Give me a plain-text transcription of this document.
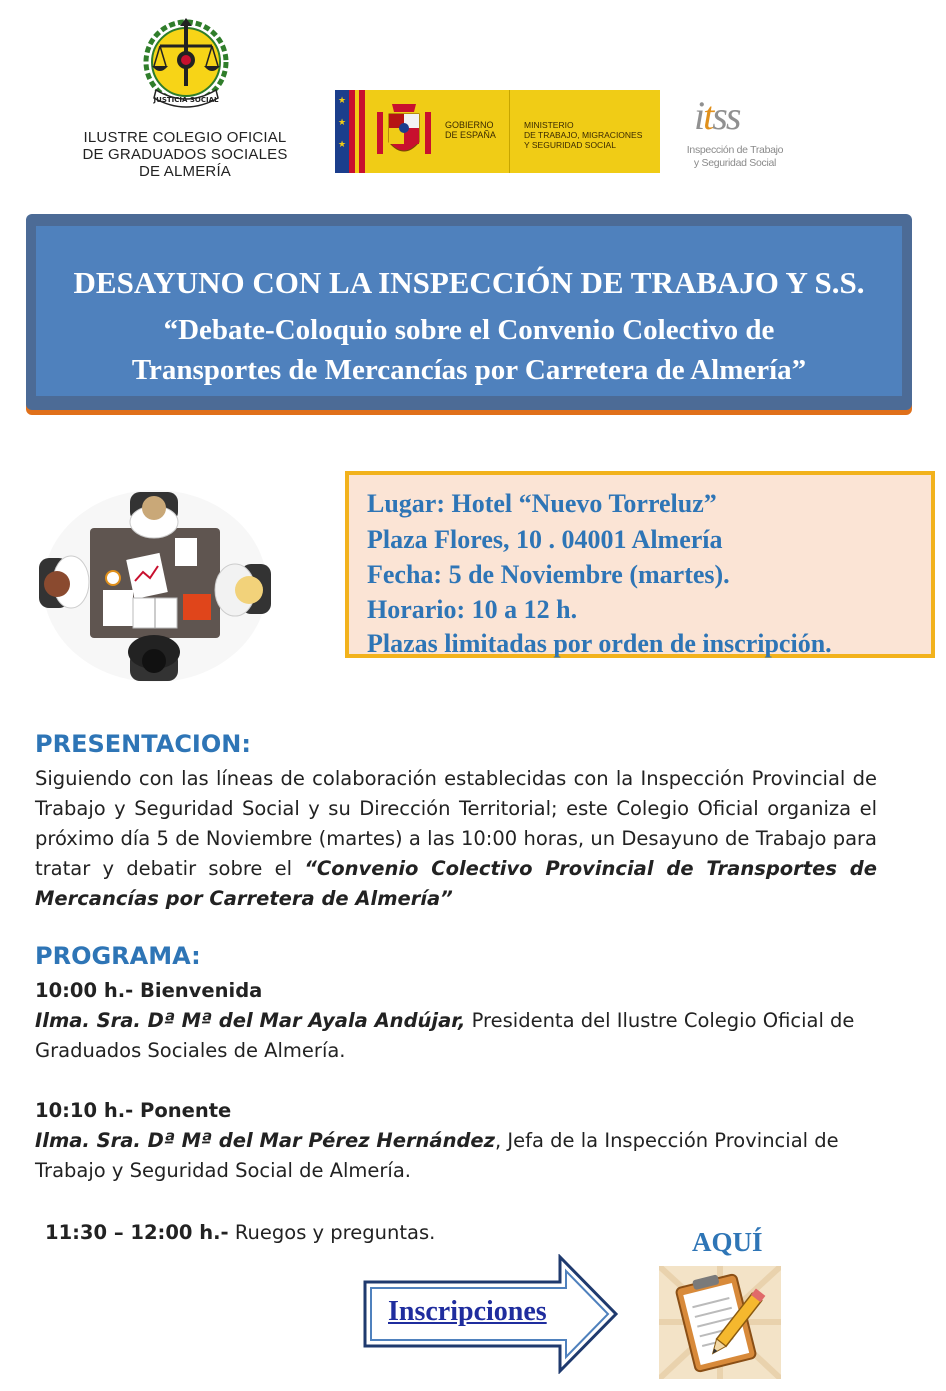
JUSTICIA SOCIAL
ILUSTRE COLEGIO OFICIAL
DE GRADUADOS SOCIALES
DE ALMERÍA
★
★
★
GOBIERNO
DE ESPAÑA
MINISTERIO
DE TRABAJO, MIGRACIONES
Y SEGURIDAD SOCIAL
itss
Inspección de Trabajo
y Seguridad Social
DESAYUNO CON LA INSPECCIÓN DE TRABAJO Y S.S.
“Debate-Coloquio sobre el Convenio Colectivo de
Transportes de Mercancías por Carretera de Almería”
Lugar: Hotel “Nuevo Torreluz”
Plaza Flores, 10 . 04001 Almería
Fecha: 5 de Noviembre (martes).
Horario: 10 a 12 h.
Plazas limitadas por orden de inscripción.
PRESENTACION:
Siguiendo con las líneas de colaboración establecidas con la Inspección Provincial de Trabajo y Seguridad Social y su Dirección Territorial; este Colegio Oficial organiza el próximo día 5 de Noviembre (martes) a las 10:00 horas, un Desayuno de Trabajo para tratar y debatir sobre el “Convenio Colectivo Provincial de Transportes de Mercancías por Carretera de Almería”
PROGRAMA:
10:00 h.- Bienvenida
Ilma. Sra. Dª Mª del Mar Ayala Andújar, Presidenta del Ilustre Colegio Oficial de
Graduados Sociales de Almería.
10:10 h.- Ponente
Ilma. Sra. Dª Mª del Mar Pérez Hernández, Jefa de la Inspección Provincial de
Trabajo y Seguridad Social de Almería.
11:30 – 12:00 h.- Ruegos y preguntas.	AQUÍ
Inscripciones
